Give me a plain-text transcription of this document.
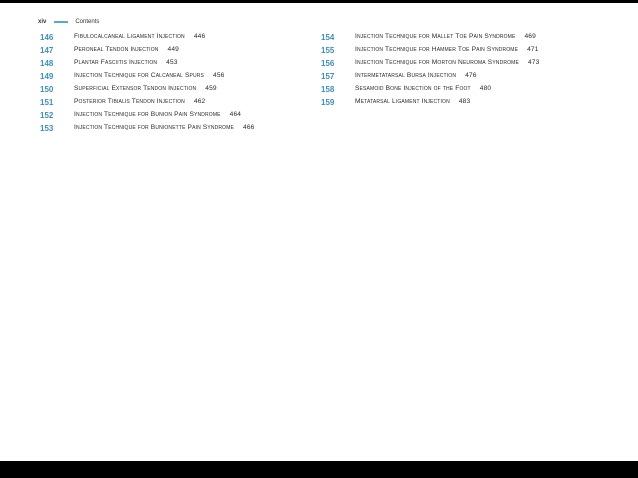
xiv	Contents
146	Fibulocalcaneal Ligament Injection 446
147	Peroneal Tendon Injection 449
148	Plantar Fasciitis Injection 453
149	Injection Technique for Calcaneal Spurs 456
150	Superficial Extensor Tendon Injection 459
151	Posterior Tibialis Tendon Injection 462
152	Injection Technique for Bunion Pain Syndrome 464
153	Injection Technique for Bunionette Pain Syndrome 466
154	Injection Technique for Mallet Toe Pain Syndrome 469
155	Injection Technique for Hammer Toe Pain Syndrome 471
156	Injection Technique for Morton Neuroma Syndrome 473
157	Intermetatarsal Bursa Injection 476
158	Sesamoid Bone Injection of the Foot 480
159	Metatarsal Ligament Injection 483
